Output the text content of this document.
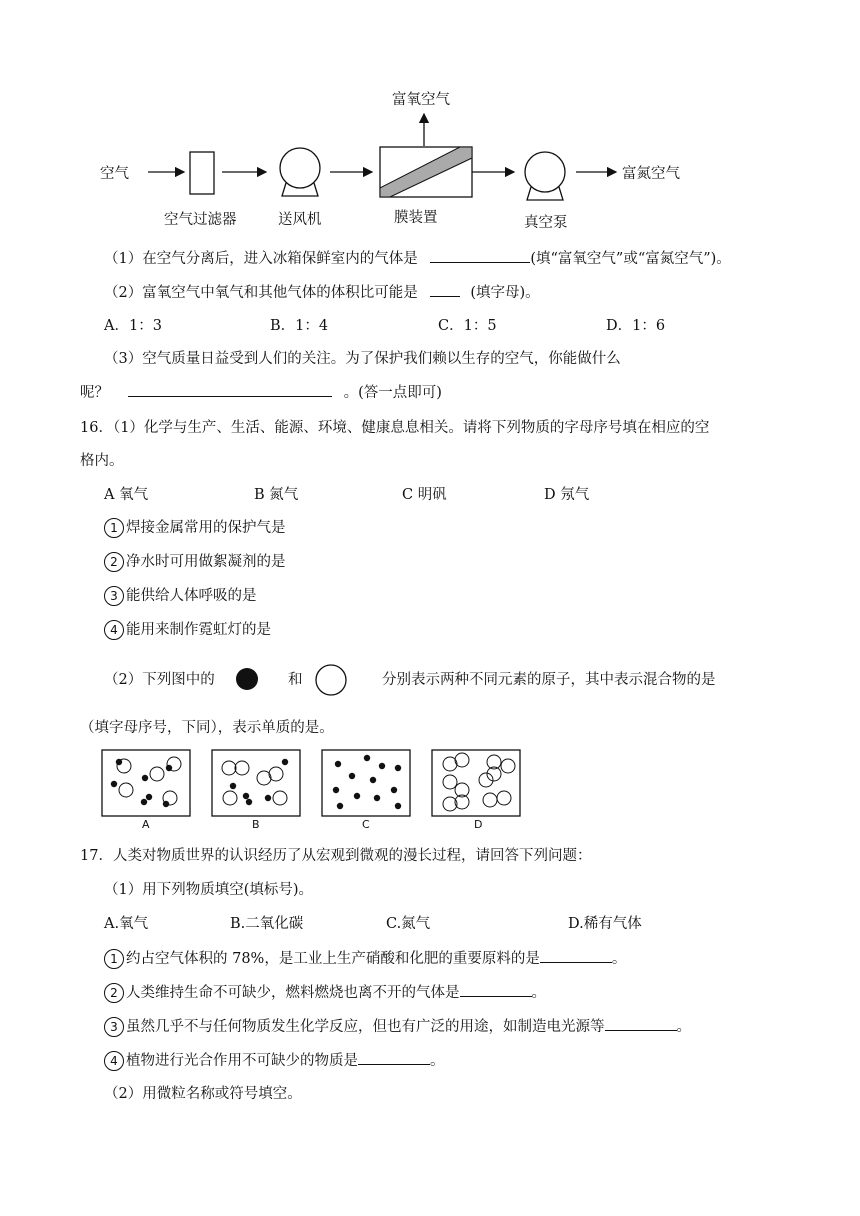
空气
空气过滤器	送风机	膜装置	真空泵
富氧空气
富氮空气
（1）在空气分离后，进入冰箱保鲜室内的气体是	(填“富氧空气”或“富氮空气”)。
（2）富氧空气中氧气和其他气体的体积比可能是	(填字母)。
A．1：3	B．1：4	C．1：5	D．1：6
（3）空气质量日益受到人们的关注。为了保护我们赖以生存的空气，你能做什么
呢？	。(答一点即可)
16．（1）化学与生产、生活、能源、环境、健康息息相关。请将下列物质的字母序号填在相应的空
格内。
A 氧气	B 氮气	C 明矾	D 氖气
1 焊接金属常用的保护气是
2 净水时可用做絮凝剂的是
3 能供给人体呼吸的是
4 能用来制作霓虹灯的是
（2）下列图中的	和	分别表示两种不同元素的原子，其中表示混合物的是
（填字母序号，下同），表示单质的是。
A	B	C	D
17．人类对物质世界的认识经历了从宏观到微观的漫长过程，请回答下列问题：
（1）用下列物质填空(填标号)。
A.氧气	B.二氧化碳	C.氮气	D.稀有气体
1 约占空气体积的 78%，是工业上生产硝酸和化肥的重要原料的是	。
2 人类维持生命不可缺少，燃料燃烧也离不开的气体是	。
3 虽然几乎不与任何物质发生化学反应，但也有广泛的用途，如制造电光源等	。
4 植物进行光合作用不可缺少的物质是	。
（2）用微粒名称或符号填空。
